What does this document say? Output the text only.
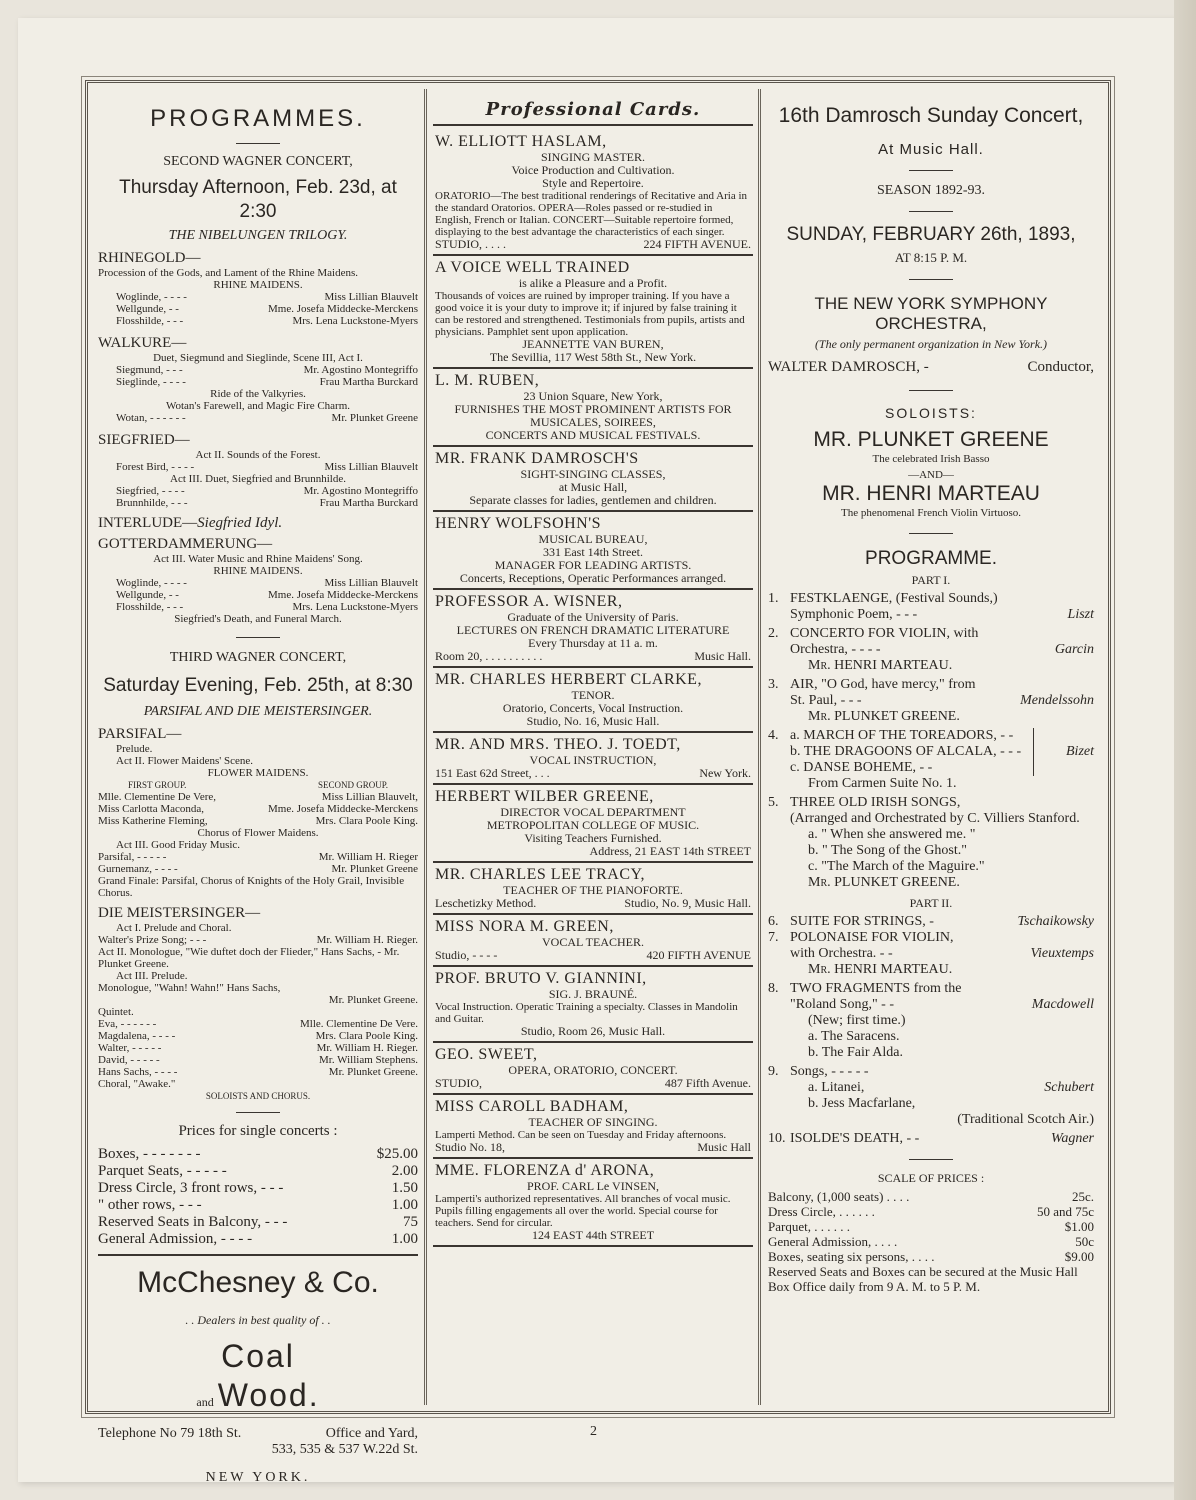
PROGRAMMES.
SECOND WAGNER CONCERT,
Thursday Afternoon, Feb. 23d, at 2:30
THE NIBELUNGEN TRILOGY.
RHINEGOLD—
Procession of the Gods, and Lament of the Rhine Maidens.
RHINE MAIDENS.
Woglinde, - - - -	Miss Lillian Blauvelt
Wellgunde, - -	Mme. Josefa Middecke-Merckens
Flosshilde, - - -	Mrs. Lena Luckstone-Myers
WALKURE—
Duet, Siegmund and Sieglinde, Scene III, Act I.
Siegmund, - - -	Mr. Agostino Montegriffo
Sieglinde, - - - -	Frau Martha Burckard
Ride of the Valkyries.
Wotan's Farewell, and Magic Fire Charm.
Wotan, - - - - - -	Mr. Plunket Greene
SIEGFRIED—
Act II. Sounds of the Forest.
Forest Bird, - - - -	Miss Lillian Blauvelt
Act III. Duet, Siegfried and Brunnhilde.
Siegfried, - - - -	Mr. Agostino Montegriffo
Brunnhilde, - - -	Frau Martha Burckard
INTERLUDE—Siegfried Idyl.
GOTTERDAMMERUNG—
Act III. Water Music and Rhine Maidens' Song.
RHINE MAIDENS.
Woglinde, - - - -	Miss Lillian Blauvelt
Wellgunde, - -	Mme. Josefa Middecke-Merckens
Flosshilde, - - -	Mrs. Lena Luckstone-Myers
Siegfried's Death, and Funeral March.
THIRD WAGNER CONCERT,
Saturday Evening, Feb. 25th, at 8:30
PARSIFAL AND DIE MEISTERSINGER.
PARSIFAL—
Prelude.
Act II. Flower Maidens' Scene.
FLOWER MAIDENS.
FIRST GROUP.	SECOND GROUP.
Mlle. Clementine De Vere,	Miss Lillian Blauvelt,
Miss Carlotta Maconda,	Mme. Josefa Middecke-Merckens
Miss Katherine Fleming,	Mrs. Clara Poole King.
Chorus of Flower Maidens.
Act III. Good Friday Music.
Parsifal, - - - - -	Mr. William H. Rieger
Gurnemanz, - - - -	Mr. Plunket Greene
Grand Finale: Parsifal, Chorus of Knights of the Holy Grail, Invisible Chorus.
DIE MEISTERSINGER—
Act I. Prelude and Choral.
Walter's Prize Song; - - -	Mr. William H. Rieger.
Act II. Monologue, "Wie duftet doch der Flieder," Hans Sachs, - Mr. Plunket Greene.
Act III. Prelude.
Monologue, "Wahn! Wahn!" Hans Sachs,
Mr. Plunket Greene.
Quintet.
Eva, - - - - - -	Mlle. Clementine De Vere.
Magdalena, - - - -	Mrs. Clara Poole King.
Walter, - - - - -	Mr. William H. Rieger.
David, - - - - -	Mr. William Stephens.
Hans Sachs, - - - -	Mr. Plunket Greene.
Choral, "Awake."
SOLOISTS AND CHORUS.
Prices for single concerts :
Boxes, - - - - - - -	$25.00
Parquet Seats, - - - - -	2.00
Dress Circle, 3 front rows, - - -	1.50
" other rows, - - -	1.00
Reserved Seats in Balcony, - - -	75
General Admission, - - - -	1.00
McChesney & Co.
. . Dealers in best quality of . .
Coal
and Wood.
Telephone No 79 18th St.	Office and Yard,
533, 535 & 537 W.22d St.
NEW YORK.
Professional Cards.
W. ELLIOTT HASLAM,
SINGING MASTER.
Voice Production and Cultivation.
Style and Repertoire.
ORATORIO—The best traditional renderings of Recitative and Aria in the standard Oratorios. OPERA—Roles passed or re-studied in English, French or Italian. CONCERT—Suitable repertoire formed, displaying to the best advantage the characteristics of each singer.
STUDIO, . . . .	224 FIFTH AVENUE.
A VOICE WELL TRAINED
is alike a Pleasure and a Profit.
Thousands of voices are ruined by improper training. If you have a good voice it is your duty to improve it; if injured by false training it can be restored and strengthened. Testimonials from pupils, artists and physicians. Pamphlet sent upon application.
JEANNETTE VAN BUREN,
The Sevillia, 117 West 58th St., New York.
L. M. RUBEN,
23 Union Square, New York,
FURNISHES THE MOST PROMINENT ARTISTS FOR
MUSICALES, SOIREES,
CONCERTS AND MUSICAL FESTIVALS.
MR. FRANK DAMROSCH'S
SIGHT-SINGING CLASSES,
at Music Hall,
Separate classes for ladies, gentlemen and children.
HENRY WOLFSOHN'S
MUSICAL BUREAU,
331 East 14th Street.
MANAGER FOR LEADING ARTISTS.
Concerts, Receptions, Operatic Performances arranged.
PROFESSOR A. WISNER,
Graduate of the University of Paris.
LECTURES ON FRENCH DRAMATIC LITERATURE
Every Thursday at 11 a. m.
Room 20, . . . . . . . . . .	Music Hall.
MR. CHARLES HERBERT CLARKE,
TENOR.
Oratorio, Concerts, Vocal Instruction.
Studio, No. 16, Music Hall.
MR. AND MRS. THEO. J. TOEDT,
VOCAL INSTRUCTION,
151 East 62d Street, . . .	New York.
HERBERT WILBER GREENE,
DIRECTOR VOCAL DEPARTMENT
METROPOLITAN COLLEGE OF MUSIC.
Visiting Teachers Furnished.
Address, 21 EAST 14th STREET
MR. CHARLES LEE TRACY,
TEACHER OF THE PIANOFORTE.
Leschetizky Method.	Studio, No. 9, Music Hall.
MISS NORA M. GREEN,
VOCAL TEACHER.
Studio, - - - -	420 FIFTH AVENUE
PROF. BRUTO V. GIANNINI,
SIG. J. BRAUNÉ.
Vocal Instruction. Operatic Training a specialty. Classes in Mandolin and Guitar.
Studio, Room 26, Music Hall.
GEO. SWEET,
OPERA, ORATORIO, CONCERT.
STUDIO,	487 Fifth Avenue.
MISS CAROLL BADHAM,
TEACHER OF SINGING.
Lamperti Method. Can be seen on Tuesday and Friday afternoons.
Studio No. 18,	Music Hall
MME. FLORENZA d' ARONA,
PROF. CARL Le VINSEN,
Lamperti's authorized representatives. All branches of vocal music. Pupils filling engagements all over the world. Special course for teachers. Send for circular.
124 EAST 44th STREET
16th Damrosch Sunday Concert,
At Music Hall.
SEASON 1892-93.
SUNDAY, FEBRUARY 26th, 1893,
AT 8:15 P. M.
THE NEW YORK SYMPHONY ORCHESTRA,
(The only permanent organization in New York.)
WALTER DAMROSCH, -	Conductor,
SOLOISTS:
MR. PLUNKET GREENE
The celebrated Irish Basso
—AND—
MR. HENRI MARTEAU
The phenomenal French Violin Virtuoso.
PROGRAMME.
PART I.
1. FESTKLAENGE, (Festival Sounds,)
Symphonic Poem, - - -	Liszt
2. CONCERTO FOR VIOLIN, with
Orchestra, - - - -	Garcin
Mr. HENRI MARTEAU.
3. AIR, "O God, have mercy," from
St. Paul, - - -	Mendelssohn
Mr. PLUNKET GREENE.
4. a. MARCH OF THE TOREADORS, - -
b. THE DRAGOONS OF ALCALA, - - -
c. DANSE BOHEME, - -
Bizet
From Carmen Suite No. 1.
5. THREE OLD IRISH SONGS,
(Arranged and Orchestrated by C. Villiers Stanford.
a. " When she answered me. "
b. " The Song of the Ghost."
c. "The March of the Maguire."
Mr. PLUNKET GREENE.
PART II.
6. SUITE FOR STRINGS, -	Tschaikowsky
7. POLONAISE FOR VIOLIN,
with Orchestra. - -	Vieuxtemps
Mr. HENRI MARTEAU.
8. TWO FRAGMENTS from the
"Roland Song," - -	Macdowell
(New; first time.)
a. The Saracens.
b. The Fair Alda.
9. Songs, - - - - -
a. Litanei,	Schubert
b. Jess Macfarlane,
(Traditional Scotch Air.)
10. ISOLDE'S DEATH, - -	Wagner
SCALE OF PRICES :
Balcony, (1,000 seats) . . . .	25c.
Dress Circle, . . . . . .	50 and 75c
Parquet, . . . . . .	$1.00
General Admission, . . . .	50c
Boxes, seating six persons, . . . .	$9.00
Reserved Seats and Boxes can be secured at the Music Hall Box Office daily from 9 A. M. to 5 P. M.
2
